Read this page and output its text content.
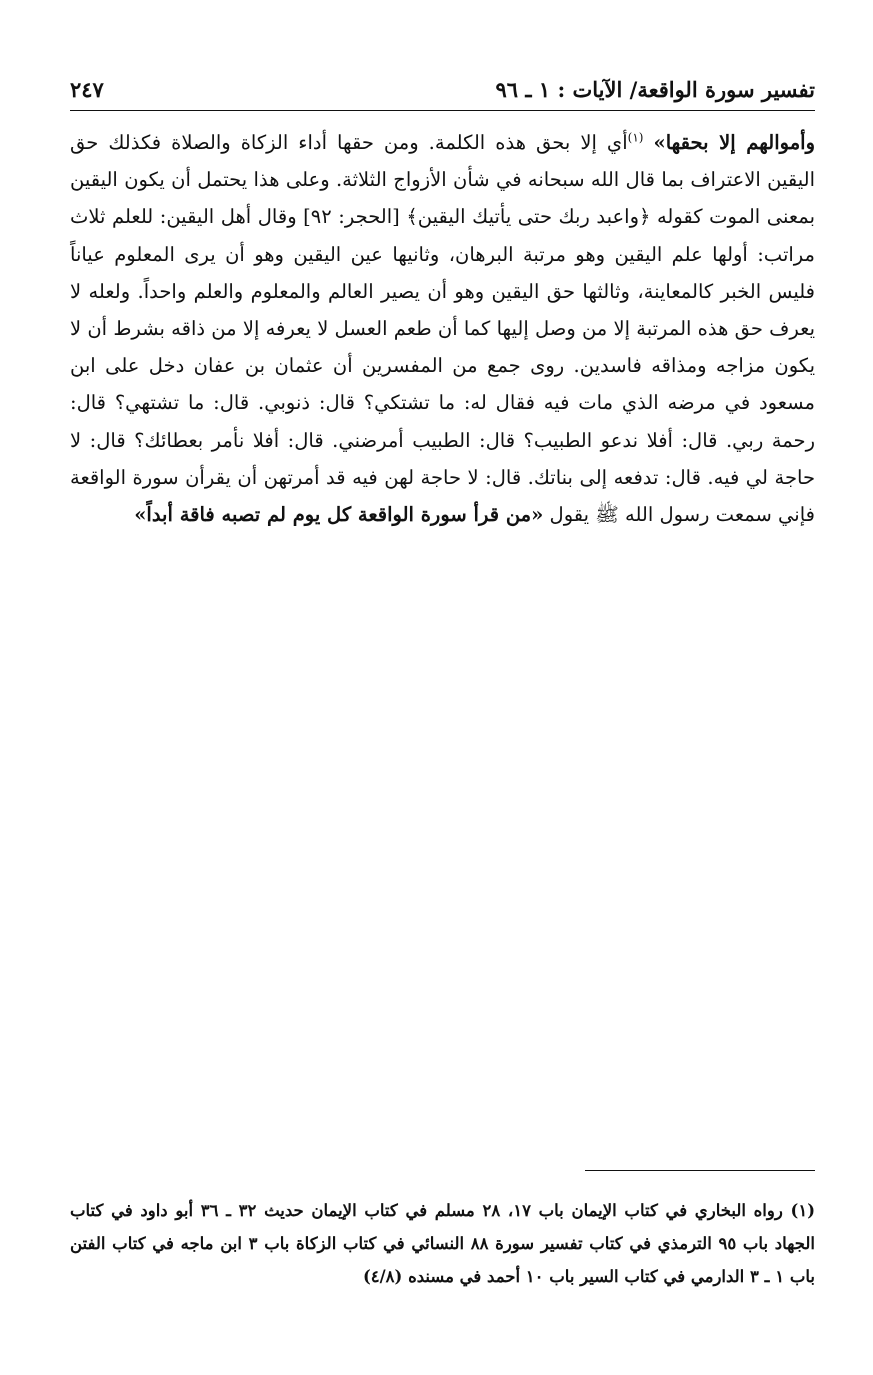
تفسير سورة الواقعة/ الآيات : ١ ـ ٩٦
٢٤٧

وأموالهم إلا بحقها» $^{(١)}$أي إلا بحق هذه الكلمة. ومن حقها أداء الزكاة والصلاة فكذلك حق اليقين الاعتراف بما قال الله سبحانه في شأن الأزواج الثلاثة. وعلى هذا يحتمل أن يكون اليقين بمعنى الموت كقوله ﴿واعبد ربك حتى يأتيك اليقين﴾ [الحجر: ٩٢] وقال أهل اليقين: للعلم ثلاث مراتب: أولها علم اليقين وهو مرتبة البرهان، وثانيها عين اليقين وهو أن يرى المعلوم عياناً فليس الخبر كالمعاينة، وثالثها حق اليقين وهو أن يصير العالم والمعلوم والعلم واحداً. ولعله لا يعرف حق هذه المرتبة إلا من وصل إليها كما أن طعم العسل لا يعرفه إلا من ذاقه بشرط أن لا يكون مزاجه ومذاقه فاسدين. روى جمع من المفسرين أن عثمان بن عفان دخل على ابن مسعود في مرضه الذي مات فيه فقال له: ما تشتكي؟ قال: ذنوبي. قال: ما تشتهي؟ قال: رحمة ربي. قال: أفلا ندعو الطبيب؟ قال: الطبيب أمرضني. قال: أفلا نأمر بعطائك؟ قال: لا حاجة لي فيه. قال: تدفعه إلى بناتك. قال: لا حاجة لهن فيه قد أمرتهن أن يقرأن سورة الواقعة فإني سمعت رسول الله ﷺ يقول «من قرأ سورة الواقعة كل يوم لم تصبه فاقة أبداً»

(١) رواه البخاري في كتاب الإيمان باب ١٧، ٢٨ مسلم في كتاب الإيمان حديث ٣٢ ـ ٣٦ أبو داود في كتاب الجهاد باب ٩٥ الترمذي في كتاب تفسير سورة ٨٨ النسائي في كتاب الزكاة باب ٣ ابن ماجه في كتاب الفتن باب ١ ـ ٣ الدارمي في كتاب السير باب ١٠ أحمد في مسنده (٤/٨)
